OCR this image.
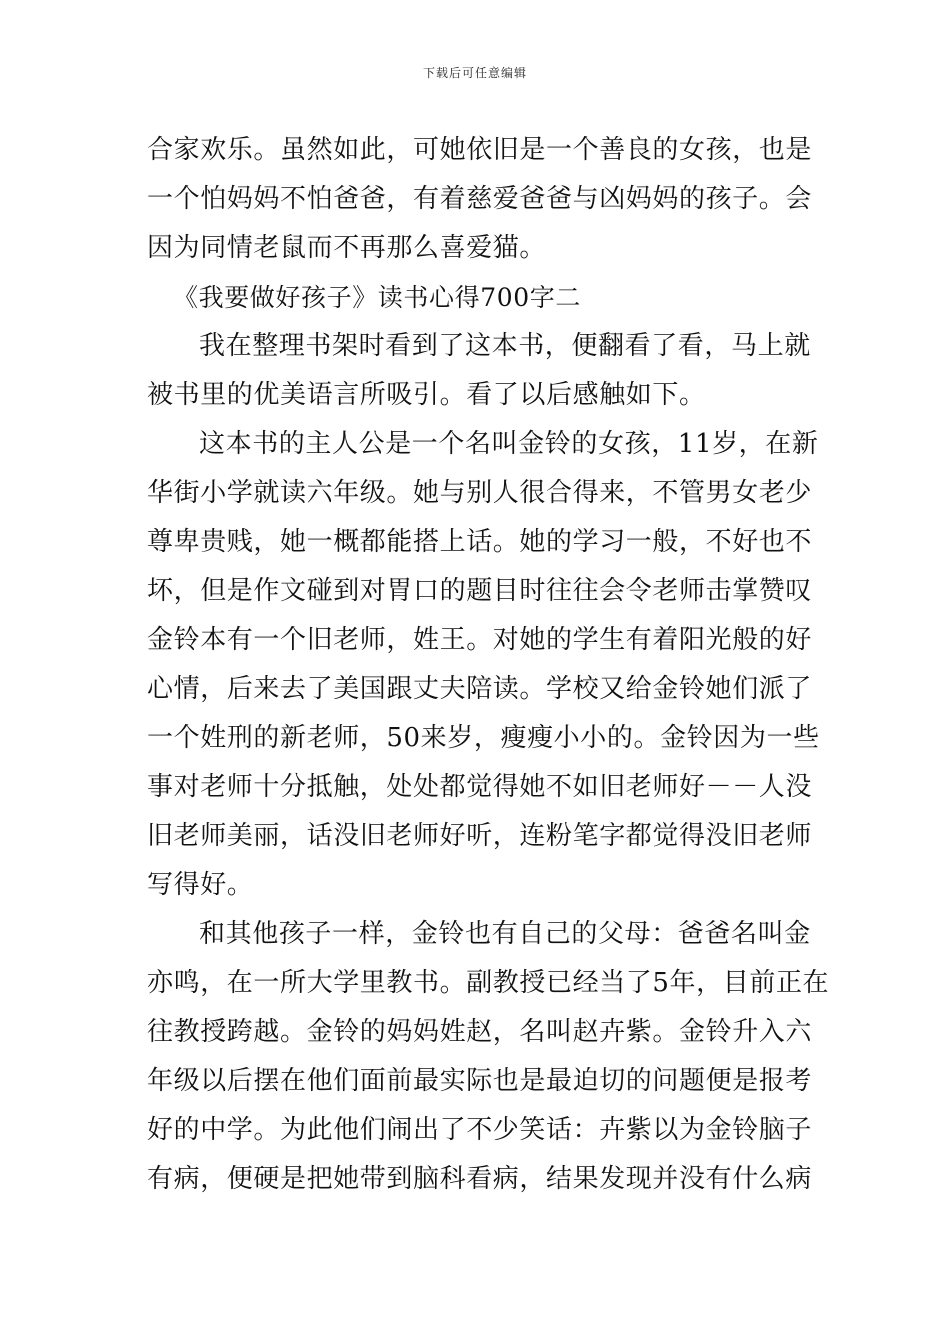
下载后可任意编辑
合家欢乐。虽然如此，可她依旧是一个善良的女孩，也是
一个怕妈妈不怕爸爸，有着慈爱爸爸与凶妈妈的孩子。会
因为同情老鼠而不再那么喜爱猫。
《我要做好孩子》读书心得700字二
我在整理书架时看到了这本书，便翻看了看，马上就
被书里的优美语言所吸引。看了以后感触如下。
这本书的主人公是一个名叫金铃的女孩，11岁，在新
华街小学就读六年级。她与别人很合得来，不管男女老少
尊卑贵贱，她一概都能搭上话。她的学习一般，不好也不
坏，但是作文碰到对胃口的题目时往往会令老师击掌赞叹
金铃本有一个旧老师，姓王。对她的学生有着阳光般的好
心情，后来去了美国跟丈夫陪读。学校又给金铃她们派了
一个姓刑的新老师，50来岁，瘦瘦小小的。金铃因为一些
事对老师十分抵触，处处都觉得她不如旧老师好－－人没
旧老师美丽，话没旧老师好听，连粉笔字都觉得没旧老师
写得好。
和其他孩子一样，金铃也有自己的父母：爸爸名叫金
亦鸣，在一所大学里教书。副教授已经当了5年，目前正在
往教授跨越。金铃的妈妈姓赵，名叫赵卉紫。金铃升入六
年级以后摆在他们面前最实际也是最迫切的问题便是报考
好的中学。为此他们闹出了不少笑话：卉紫以为金铃脑子
有病，便硬是把她带到脑科看病，结果发现并没有什么病
